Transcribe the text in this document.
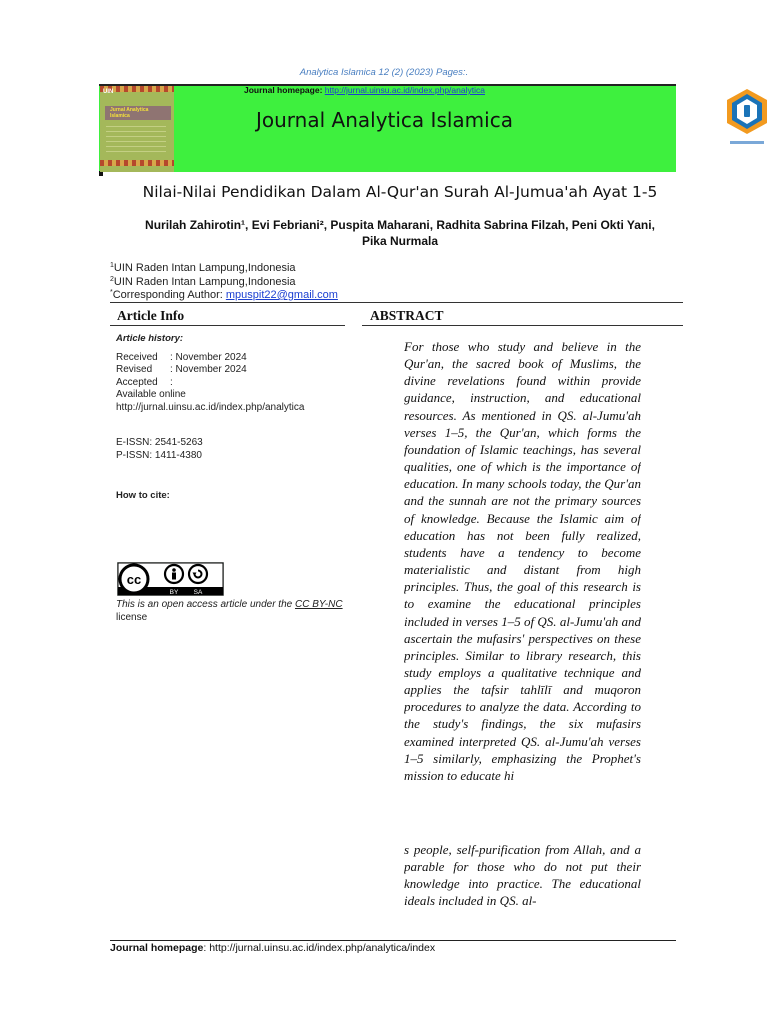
Analytica Islamica 12 (2) (2023) Pages:.
UIN
Jurnal Analytica Islamica
Journal homepage: http://jurnal.uinsu.ac.id/index.php/analytica
Journal Analytica Islamica
Nilai-Nilai Pendidikan Dalam Al-Qur'an Surah Al-Jumua'ah Ayat 1-5
Nurilah Zahirotin¹, Evi Febriani², Puspita Maharani, Radhita Sabrina Filzah, Peni Okti Yani,
Pika Nurmala
$^1$UIN Raden Intan Lampung,Indonesia
$^2$UIN Raden Intan Lampung,Indonesia
*Corresponding Author: mpuspit22@gmail.com
Article Info	ABSTRACT
Article history:
Received : November 2024
Revised : November 2024
Accepted :
Available online
http://jurnal.uinsu.ac.id/index.php/analytica
E-ISSN: 2541-5263
P-ISSN: 1411-4380
How to cite:
cc
BY SA
This is an open access article under the CC BY-NC license

For those who study and believe in the Qur'an, the sacred book of Muslims, the divine revelations found within provide guidance, instruction, and educational resources. As mentioned in QS. al-Jumu'ah verses 1–5, the Qur'an, which forms the foundation of Islamic teachings, has several qualities, one of which is the importance of education. In many schools today, the Qur'an and the sunnah are not the primary sources of knowledge. Because the Islamic aim of education has not been fully realized, students have a tendency to become materialistic and distant from high principles. Thus, the goal of this research is to examine the educational principles included in verses 1–5 of QS. al-Jumu'ah and ascertain the mufasirs' perspectives on these principles. Similar to library research, this study employs a qualitative technique and applies the tafsir tahlīlī and muqoron procedures to analyze the data. According to the study's findings, the six mufasirs examined interpreted QS. al-Jumu'ah verses 1–5 similarly, emphasizing the Prophet's mission to educate hi

s people, self-purification from Allah, and a parable for those who do not put their knowledge into practice. The educational ideals included in QS. al-

Journal homepage: http://jurnal.uinsu.ac.id/index.php/analytica/index
